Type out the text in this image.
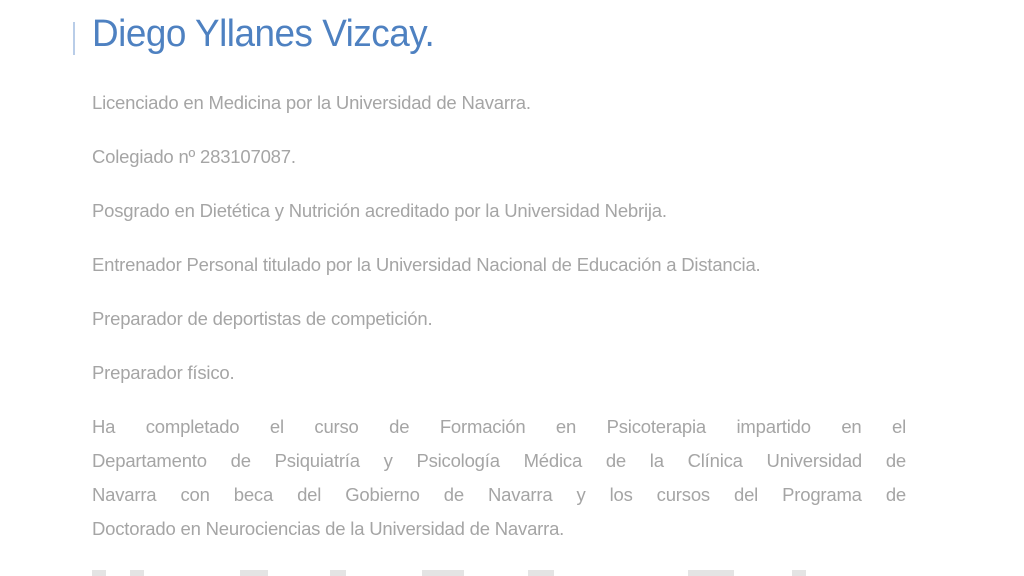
Diego Yllanes Vizcay.

Licenciado en Medicina por la Universidad de Navarra.

Colegiado nº 283107087.

Posgrado en Dietética y Nutrición acreditado por la Universidad Nebrija.

Entrenador Personal titulado por la Universidad Nacional de Educación a Distancia.

Preparador de deportistas de competición.

Preparador físico.

Ha completado el curso de Formación en Psicoterapia impartido en el
Departamento de Psiquiatría y Psicología Médica de la Clínica Universidad de
Navarra con beca del Gobierno de Navarra y los cursos del Programa de
Doctorado en Neurociencias de la Universidad de Navarra.
